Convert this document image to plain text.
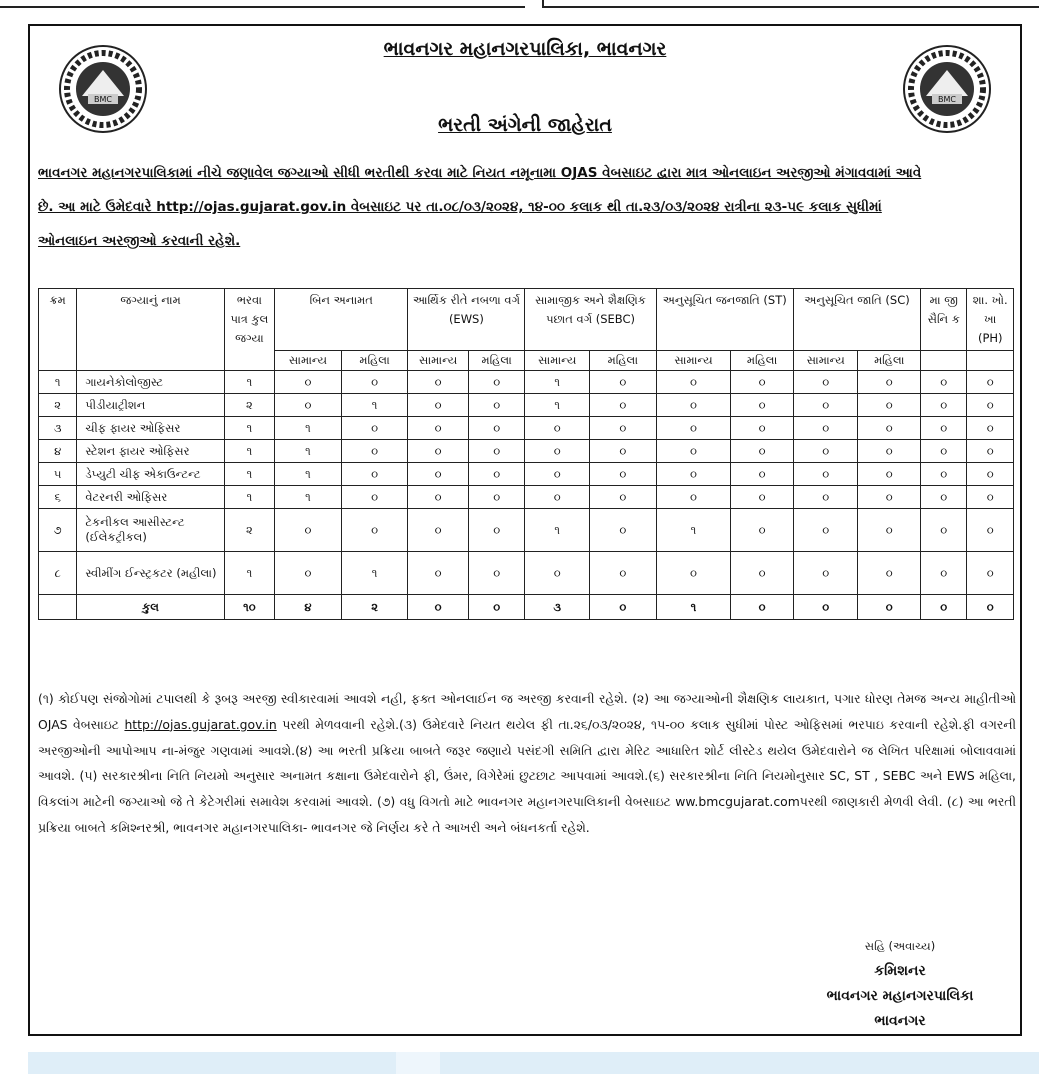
BMC	BMC
ભાવનગર મહાનગરપાલિકા, ભાવનગર
ભરતી અંગેની જાહેરાત
ભાવનગર મહાનગરપાલિકામાં નીચે જણાવેલ જગ્યાઓ સીધી ભરતીથી કરવા માટે નિયત નમૂનામા OJAS વેબસાઇટ દ્વારા માત્ર ઓનલાઇન અરજીઓ મંગાવવામાં આવે
છે. આ માટે ઉમેદવારે http://ojas.gujarat.gov.in વેબસાઇટ પર તા.૦૮/૦૩/૨૦૨૪, ૧૪-૦૦ કલાક થી તા.૨૩/૦૩/૨૦૨૪ રાત્રીના ૨૩-૫૯ કલાક સુધીમાં
ઓનલાઇન અરજીઓ કરવાની રહેશે.
ક્રમ	જગ્યાનું નામ	ભરવા પાત્ર કુલ જગ્યા	બિન અનામત		આર્થિક રીતે નબળા વર્ગ (EWS)		સામાજીક અને શૈક્ષણિક પછાત વર્ગ (SEBC)		અનુસૂચિત જનજાતિ (ST)		અનુસૂચિત જાતિ (SC)		મા જી સૈનિ ક	શા. ખો. ખા (PH)
			સામાન્ય	મહિલા	સામાન્ય	મહિલા	સામાન્ય	મહિલા	સામાન્ય	મહિલા	સામાન્ય	મહિલા		
૧	ગાયનેકોલોજીસ્ટ	૧	૦	૦	૦	૦	૧	૦	૦	૦	૦	૦	૦	૦
૨	પીડીયાટ્રીશન	૨	૦	૧	૦	૦	૧	૦	૦	૦	૦	૦	૦	૦
૩	ચીફ ફાયર ઓફિસર	૧	૧	૦	૦	૦	૦	૦	૦	૦	૦	૦	૦	૦
૪	સ્ટેશન ફાયર ઓફિસર	૧	૧	૦	૦	૦	૦	૦	૦	૦	૦	૦	૦	૦
૫	ડેપ્યુટી ચીફ એકાઉન્ટન્ટ	૧	૧	૦	૦	૦	૦	૦	૦	૦	૦	૦	૦	૦
૬	વેટરનરી ઓફિસર	૧	૧	૦	૦	૦	૦	૦	૦	૦	૦	૦	૦	૦
૭	ટેકનીકલ આસીસ્ટન્ટ (ઈલેકટ્રીકલ)	૨	૦	૦	૦	૦	૧	૦	૧	૦	૦	૦	૦	૦
૮	સ્વીમીંગ ઈન્સ્ટ્રકટર (મહીલા)	૧	૦	૧	૦	૦	૦	૦	૦	૦	૦	૦	૦	૦
	કુલ	૧૦	૪	૨	૦	૦	૩	૦	૧	૦	૦	૦	૦	૦
(૧) કોઈપણ સંજોગોમાં ટપાલથી કે રૂબરૂ અરજી સ્વીકારવામાં આવશે નહી, ફક્ત ઓનલાઈન જ અરજી કરવાની રહેશે. (૨) આ જગ્યાઓની શૈક્ષણિક લાયકાત, પગાર ધોરણ તેમજ અન્ય માહીતીઓ OJAS વેબસાઇટ http://ojas.gujarat.gov.in પરથી મેળવવાની રહેશે.(૩) ઉમેદવારે નિયત થયેલ ફી તા.૨૬/૦૩/૨૦૨૪, ૧૫-૦૦ કલાક સુધીમાં પોસ્ટ ઓફિસમાં ભરપાઇ કરવાની રહેશે.ફી વગરની અરજીઓની આપોઆપ ના-મંજુર ગણવામાં આવશે.(૪) આ ભરતી પ્રક્રિયા બાબતે જરૂર જણાયે પસંદગી સમિતિ દ્વારા મેરિટ આધારિત શોર્ટ લીસ્ટેડ થયેલ ઉમેદવારોને જ લેખિત પરિક્ષામાં બોલાવવામાં આવશે. (૫) સરકારશ્રીના નિતિ નિયમો અનુસાર અનામત કક્ષાના ઉમેદવારોને ફી, ઉંમર, વિગેરેમાં છુટછાટ આપવામાં આવશે.(૬) સરકારશ્રીના નિતિ નિયમોનુસાર SC, ST , SEBC અને EWS મહિલા, વિકલાંગ માટેની જગ્યાઓ જે તે કેટેગરીમાં સમાવેશ કરવામાં આવશે. (૭) વધુ વિગતો માટે ભાવનગર મહાનગરપાલિકાની વેબસાઇટ ww.bmcgujarat.comપરથી જાણકારી મેળવી લેવી. (૮) આ ભરતી પ્રક્રિયા બાબતે કમિશ્નરશ્રી, ભાવનગર મહાનગરપાલિકા- ભાવનગર જે નિર્ણય કરે તે આખરી અને બંધનકર્તા રહેશે.
સહિ (અવાચ્ય)
કમિશનર
ભાવનગર મહાનગરપાલિકા
ભાવનગર
